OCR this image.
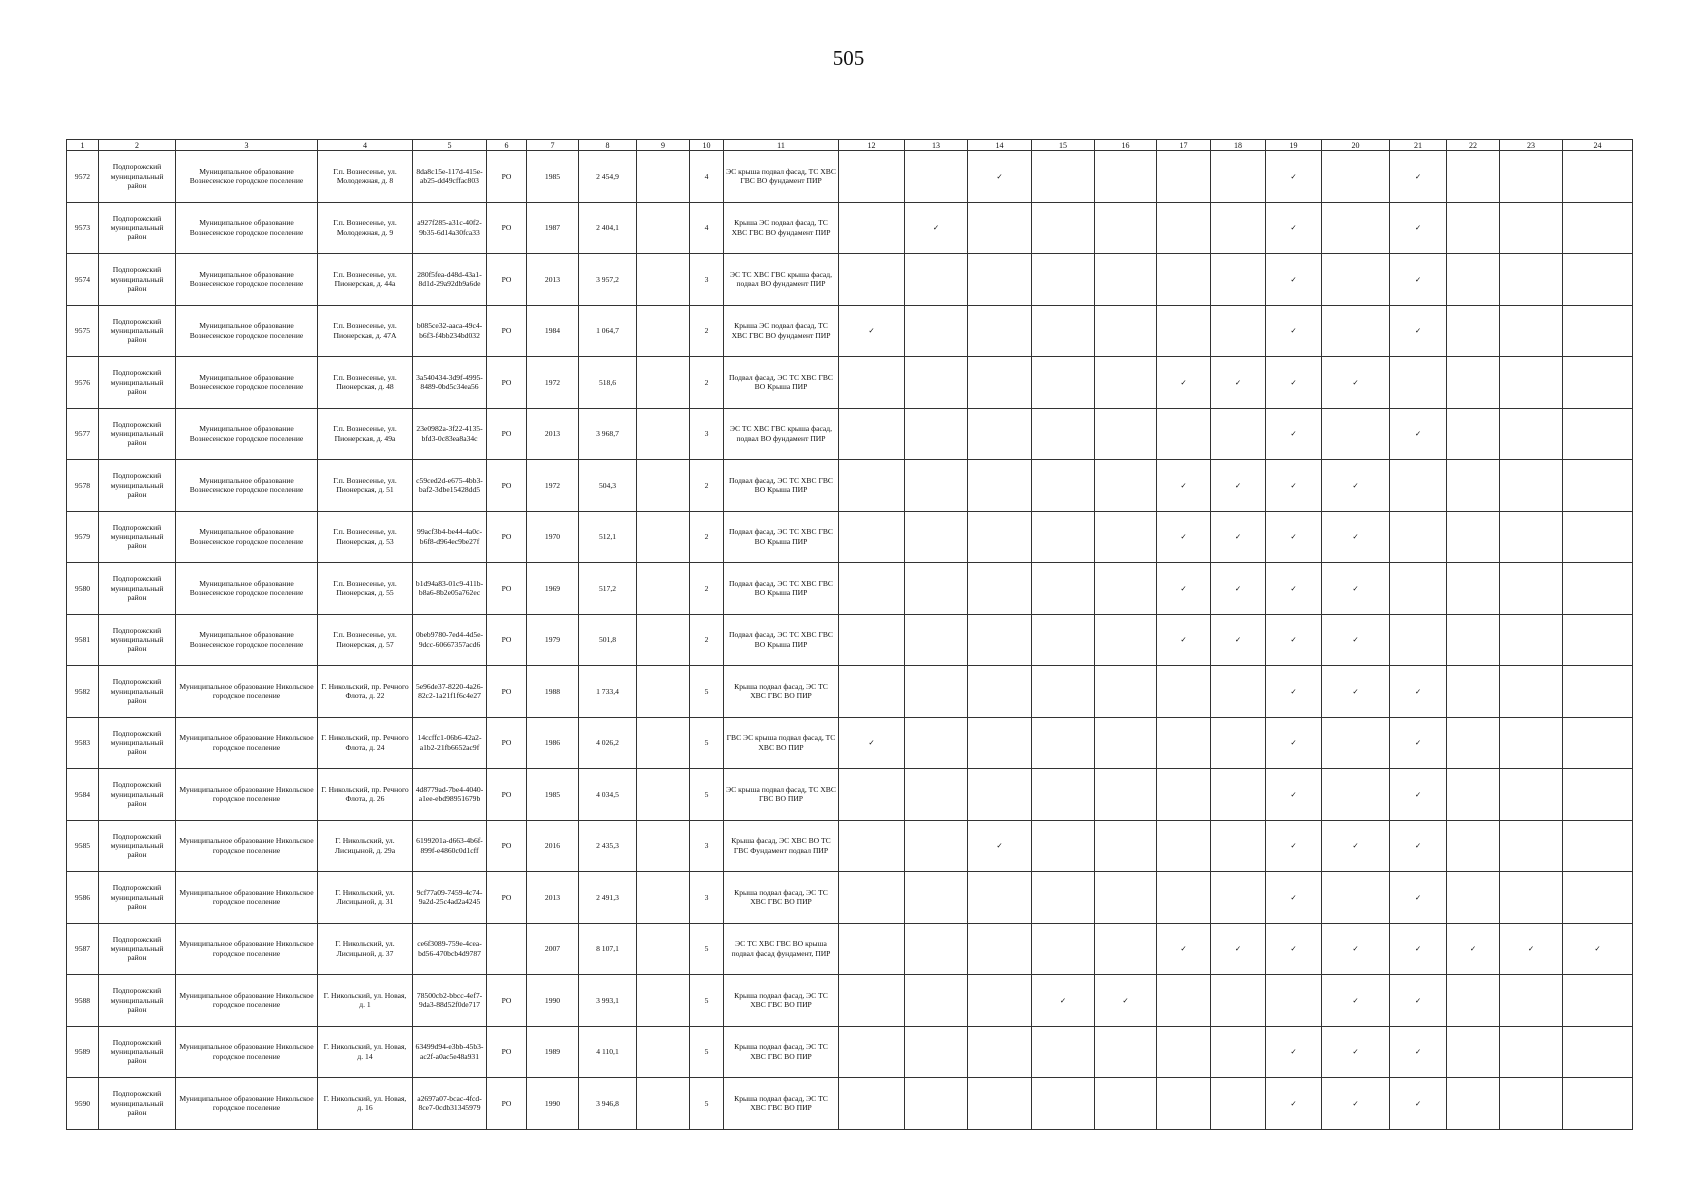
505
1	2	3	4	5	6	7	8	9	10	11	12	13	14	15	16	17	18	19	20	21	22	23	24
9572	Подпорожский муниципальный район	Муниципальное образование Вознесенское городское поселение	Г.п. Вознесенье, ул. Молодежная, д. 8	8da8c15e-117d-415e-ab25-dd49cffac803	РО	1985	2 454,9		4	ЭС крыша подвал фасад, ТС ХВС ГВС ВО фундамент ПИР			✓					✓		✓			
9573	Подпорожский муниципальный район	Муниципальное образование Вознесенское городское поселение	Г.п. Вознесенье, ул. Молодежная, д. 9	a927f285-a31c-40f2-9b35-6d14a30fca33	РО	1987	2 404,1		4	Крыша ЭС подвал фасад, ТС ХВС ГВС ВО фундамент ПИР		✓						✓		✓			
9574	Подпорожский муниципальный район	Муниципальное образование Вознесенское городское поселение	Г.п. Вознесенье, ул. Пионерская, д. 44а	280f5fea-d48d-43a1-8d1d-29a92db9a6de	РО	2013	3 957,2		3	ЭС ТС ХВС ГВС крыша фасад, подвал ВО фундамент ПИР								✓		✓			
9575	Подпорожский муниципальный район	Муниципальное образование Вознесенское городское поселение	Г.п. Вознесенье, ул. Пионерская, д. 47А	b085ce32-aaca-49c4-b6f3-f4bb234bd032	РО	1984	1 064,7		2	Крыша ЭС подвал фасад, ТС ХВС ГВС ВО фундамент ПИР	✓							✓		✓			
9576	Подпорожский муниципальный район	Муниципальное образование Вознесенское городское поселение	Г.п. Вознесенье, ул. Пионерская, д. 48	3a540434-3d9f-4995-8489-0bd5c34ea56	РО	1972	518,6		2	Подвал фасад, ЭС ТС ХВС ГВС ВО Крыша ПИР						✓	✓	✓	✓				
9577	Подпорожский муниципальный район	Муниципальное образование Вознесенское городское поселение	Г.п. Вознесенье, ул. Пионерская, д. 49а	23e0982a-3f22-4135-bfd3-0c83ea8a34c	РО	2013	3 968,7		3	ЭС ТС ХВС ГВС крыша фасад, подвал ВО фундамент ПИР								✓		✓			
9578	Подпорожский муниципальный район	Муниципальное образование Вознесенское городское поселение	Г.п. Вознесенье, ул. Пионерская, д. 51	c59ced2d-e675-4bb3-baf2-3dbe15428dd5	РО	1972	504,3		2	Подвал фасад, ЭС ТС ХВС ГВС ВО Крыша ПИР						✓	✓	✓	✓				
9579	Подпорожский муниципальный район	Муниципальное образование Вознесенское городское поселение	Г.п. Вознесенье, ул. Пионерская, д. 53	99acf3b4-be44-4a0c-b6f8-d964ec9be27f	РО	1970	512,1		2	Подвал фасад, ЭС ТС ХВС ГВС ВО Крыша ПИР						✓	✓	✓	✓				
9580	Подпорожский муниципальный район	Муниципальное образование Вознесенское городское поселение	Г.п. Вознесенье, ул. Пионерская, д. 55	b1d94a83-01c9-411b-b8a6-8b2e05a762ec	РО	1969	517,2		2	Подвал фасад, ЭС ТС ХВС ГВС ВО Крыша ПИР						✓	✓	✓	✓				
9581	Подпорожский муниципальный район	Муниципальное образование Вознесенское городское поселение	Г.п. Вознесенье, ул. Пионерская, д. 57	0beb9780-7ed4-4d5e-9dcc-60667357acd6	РО	1979	501,8		2	Подвал фасад, ЭС ТС ХВС ГВС ВО Крыша ПИР						✓	✓	✓	✓				
9582	Подпорожский муниципальный район	Муниципальное образование Никольское городское поселение	Г. Никольский, пр. Речного Флота, д. 22	5e96de37-8220-4a26-82c2-1a21f1f6c4e27	РО	1988	1 733,4		5	Крыша подвал фасад, ЭС ТС ХВС ГВС ВО ПИР								✓	✓	✓			
9583	Подпорожский муниципальный район	Муниципальное образование Никольское городское поселение	Г. Никольский, пр. Речного Флота, д. 24	14ccffc1-06b6-42a2-a1b2-21fb6652ac9f	РО	1986	4 026,2		5	ГВС ЭС крыша подвал фасад, ТС ХВС ВО ПИР	✓							✓		✓			
9584	Подпорожский муниципальный район	Муниципальное образование Никольское городское поселение	Г. Никольский, пр. Речного Флота, д. 26	4d8779ad-7be4-4040-a1ee-ebd98951679b	РО	1985	4 034,5		5	ЭС крыша подвал фасад, ТС ХВС ГВС ВО ПИР								✓		✓			
9585	Подпорожский муниципальный район	Муниципальное образование Никольское городское поселение	Г. Никольский, ул. Лисицыной, д. 29а	6199201a-d663-4b6f-899f-e4860c0d1cff	РО	2016	2 435,3		3	Крыша фасад, ЭС ХВС ВО ТС ГВС Фундамент подвал ПИР			✓					✓	✓	✓			
9586	Подпорожский муниципальный район	Муниципальное образование Никольское городское поселение	Г. Никольский, ул. Лисицыной, д. 31	9cf77a09-7459-4c74-9a2d-25c4ad2a4245	РО	2013	2 491,3		3	Крыша подвал фасад, ЭС ТС ХВС ГВС ВО ПИР								✓		✓			
9587	Подпорожский муниципальный район	Муниципальное образование Никольское городское поселение	Г. Никольский, ул. Лисицыной, д. 37	ce6f3089-759e-4cea-bd56-470bcb4d9787		2007	8 107,1		5	ЭС ТС ХВС ГВС ВО крыша подвал фасад фундамент, ПИР						✓	✓	✓	✓	✓	✓	✓	✓
9588	Подпорожский муниципальный район	Муниципальное образование Никольское городское поселение	Г. Никольский, ул. Новая, д. 1	78500cb2-bbcc-4ef7-9da3-88d52f0de717	РО	1990	3 993,1		5	Крыша подвал фасад, ЭС ТС ХВС ГВС ВО ПИР				✓	✓				✓	✓			
9589	Подпорожский муниципальный район	Муниципальное образование Никольское городское поселение	Г. Никольский, ул. Новая, д. 14	63499d94-e3bb-45b3-ac2f-a0ac5e48a931	РО	1989	4 110,1		5	Крыша подвал фасад, ЭС ТС ХВС ГВС ВО ПИР								✓	✓	✓			
9590	Подпорожский муниципальный район	Муниципальное образование Никольское городское поселение	Г. Никольский, ул. Новая, д. 16	a2697a07-bcac-4fcd-8ce7-0cdb31345979	РО	1990	3 946,8		5	Крыша подвал фасад, ЭС ТС ХВС ГВС ВО ПИР								✓	✓	✓			
